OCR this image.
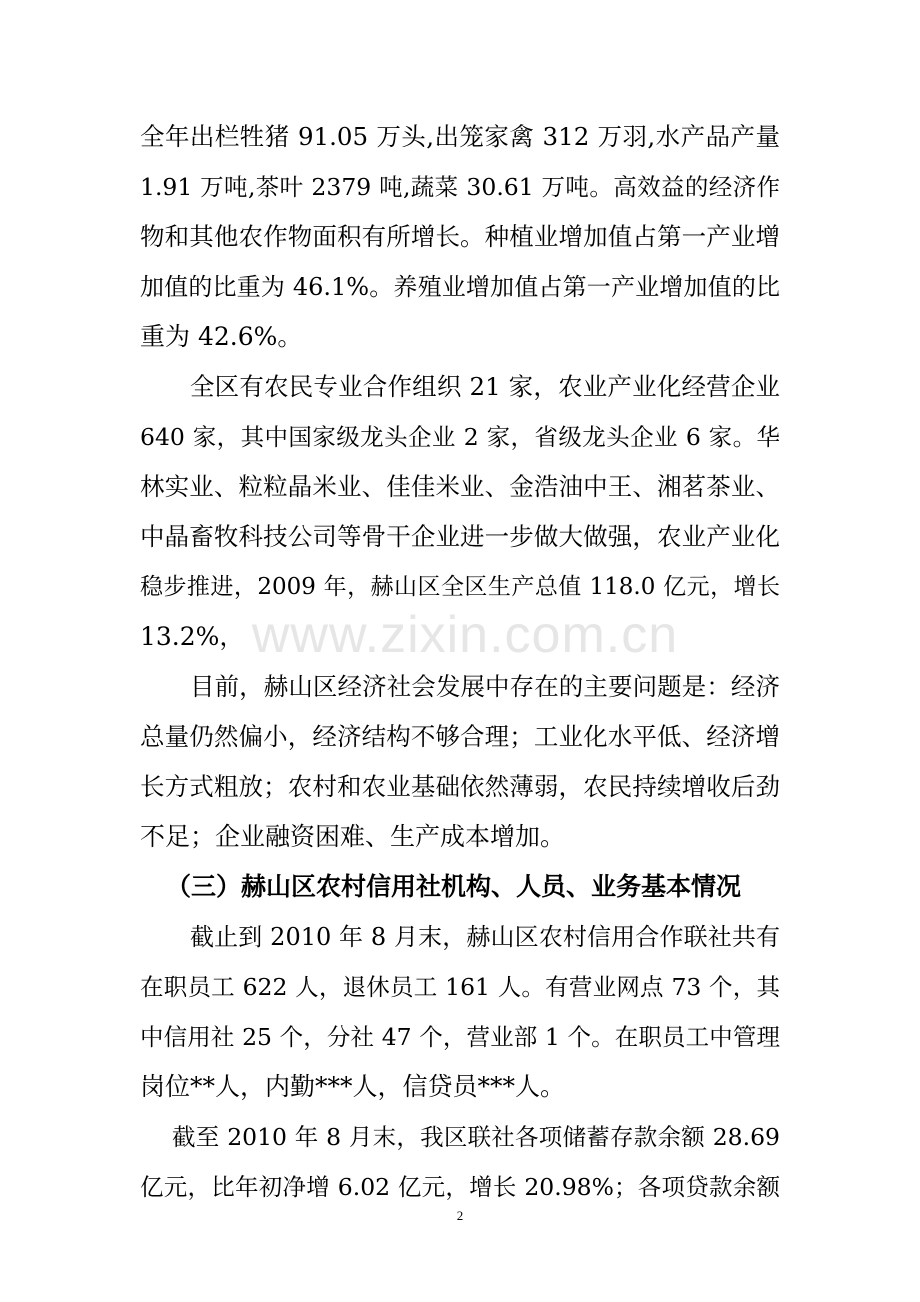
www.zixin.com.cn
全年出栏牲猪 91.05 万头,出笼家禽 312 万羽,水产品产量
1.91 万吨,茶叶 2379 吨,蔬菜 30.61 万吨。高效益的经济作
物和其他农作物面积有所增长。种植业增加值占第一产业增
加值的比重为 46.1%。养殖业增加值占第一产业增加值的比
重为 42.6%。
全区有农民专业合作组织 21 家，农业产业化经营企业
640 家，其中国家级龙头企业 2 家，省级龙头企业 6 家。华
林实业、粒粒晶米业、佳佳米业、金浩油中王、湘茗茶业、
中晶畜牧科技公司等骨干企业进一步做大做强，农业产业化
稳步推进，2009 年，赫山区全区生产总值 118.0 亿元，增长
13.2%，
目前，赫山区经济社会发展中存在的主要问题是：经济
总量仍然偏小，经济结构不够合理；工业化水平低、经济增
长方式粗放；农村和农业基础依然薄弱，农民持续增收后劲
不足；企业融资困难、生产成本增加。
（三）赫山区农村信用社机构、人员、业务基本情况
截止到 2010 年 8 月末，赫山区农村信用合作联社共有
在职员工 622 人，退休员工 161 人。有营业网点 73 个，其
中信用社 25 个，分社 47 个，营业部 1 个。在职员工中管理
岗位**人，内勤***人，信贷员***人。
截至 2010 年 8 月末，我区联社各项储蓄存款余额 28.69
亿元，比年初净增 6.02 亿元，增长 20.98%；各项贷款余额
2
